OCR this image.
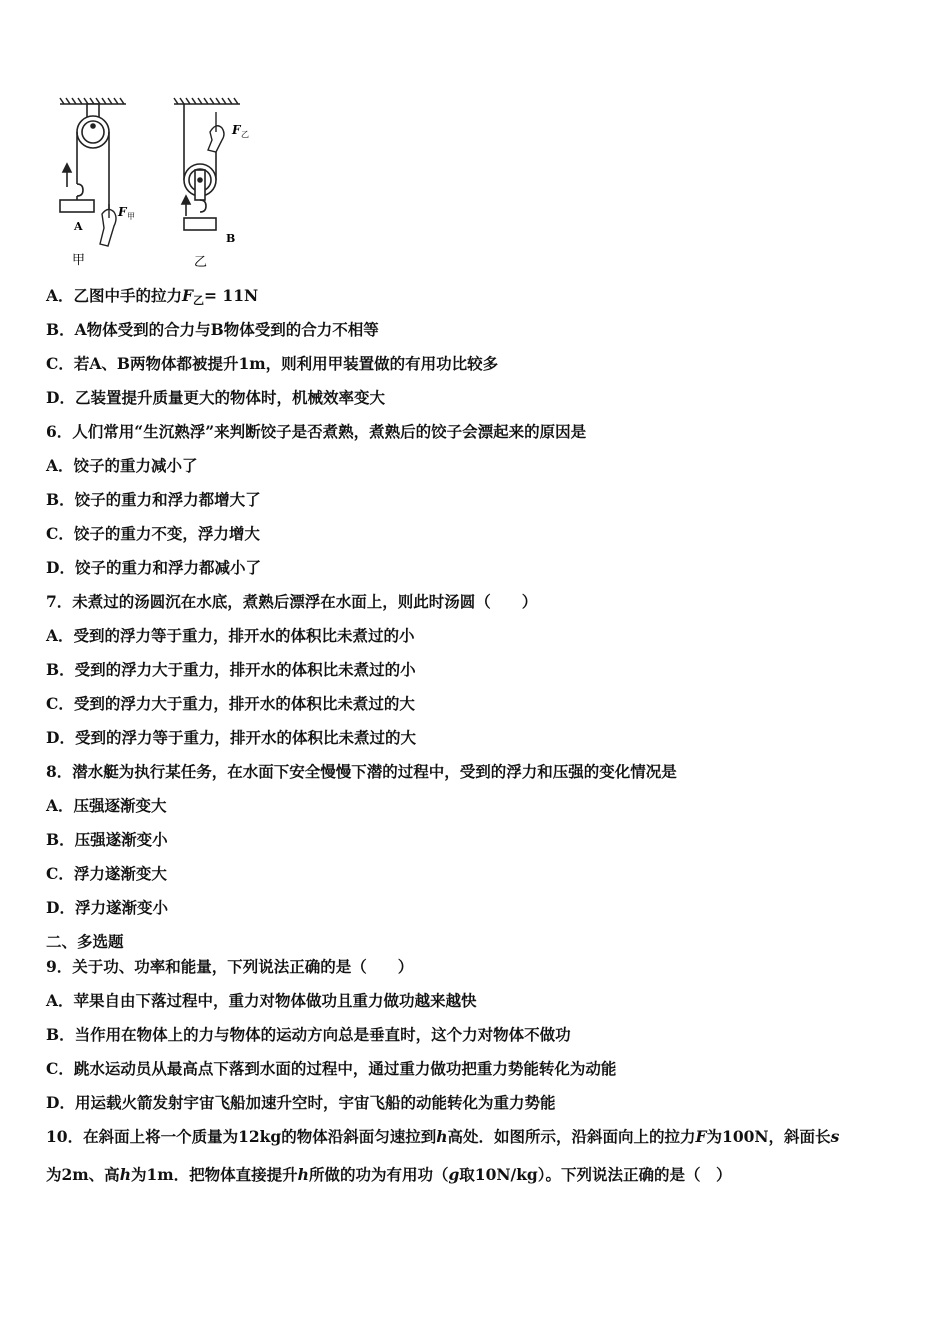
A
F 甲
甲
F 乙
B
乙
A．乙图中手的拉力$F_乙= 11N$
B．A物体受到的合力与B物体受到的合力不相等
C．若A、B两物体都被提升1m，则利用甲装置做的有用功比较多
D．乙装置提升质量更大的物体时，机械效率变大
6．人们常用“生沉熟浮”来判断饺子是否煮熟，煮熟后的饺子会漂起来的原因是
A．饺子的重力减小了
B．饺子的重力和浮力都增大了
C．饺子的重力不变，浮力增大
D．饺子的重力和浮力都减小了
7．未煮过的汤圆沉在水底，煮熟后漂浮在水面上，则此时汤圆（　　）
A．受到的浮力等于重力，排开水的体积比未煮过的小
B．受到的浮力大于重力，排开水的体积比未煮过的小
C．受到的浮力大于重力，排开水的体积比未煮过的大
D．受到的浮力等于重力，排开水的体积比未煮过的大
8．潜水艇为执行某任务，在水面下安全慢慢下潜的过程中，受到的浮力和压强的变化情况是
A．压强逐渐变大
B．压强遂渐变小
C．浮力遂渐变大
D．浮力遂渐变小
二、多选题
9．关于功、功率和能量，下列说法正确的是（　　）
A．苹果自由下落过程中，重力对物体做功且重力做功越来越快
B．当作用在物体上的力与物体的运动方向总是垂直时，这个力对物体不做功
C．跳水运动员从最高点下落到水面的过程中，通过重力做功把重力势能转化为动能
D．用运载火箭发射宇宙飞船加速升空时，宇宙飞船的动能转化为重力势能
10．在斜面上将一个质量为12kg的物体沿斜面匀速拉到h高处．如图所示，沿斜面向上的拉力F为100N，斜面长s
为2m、高h为1m．把物体直接提升h所做的功为有用功（g取10N/kg）。下列说法正确的是（　）
